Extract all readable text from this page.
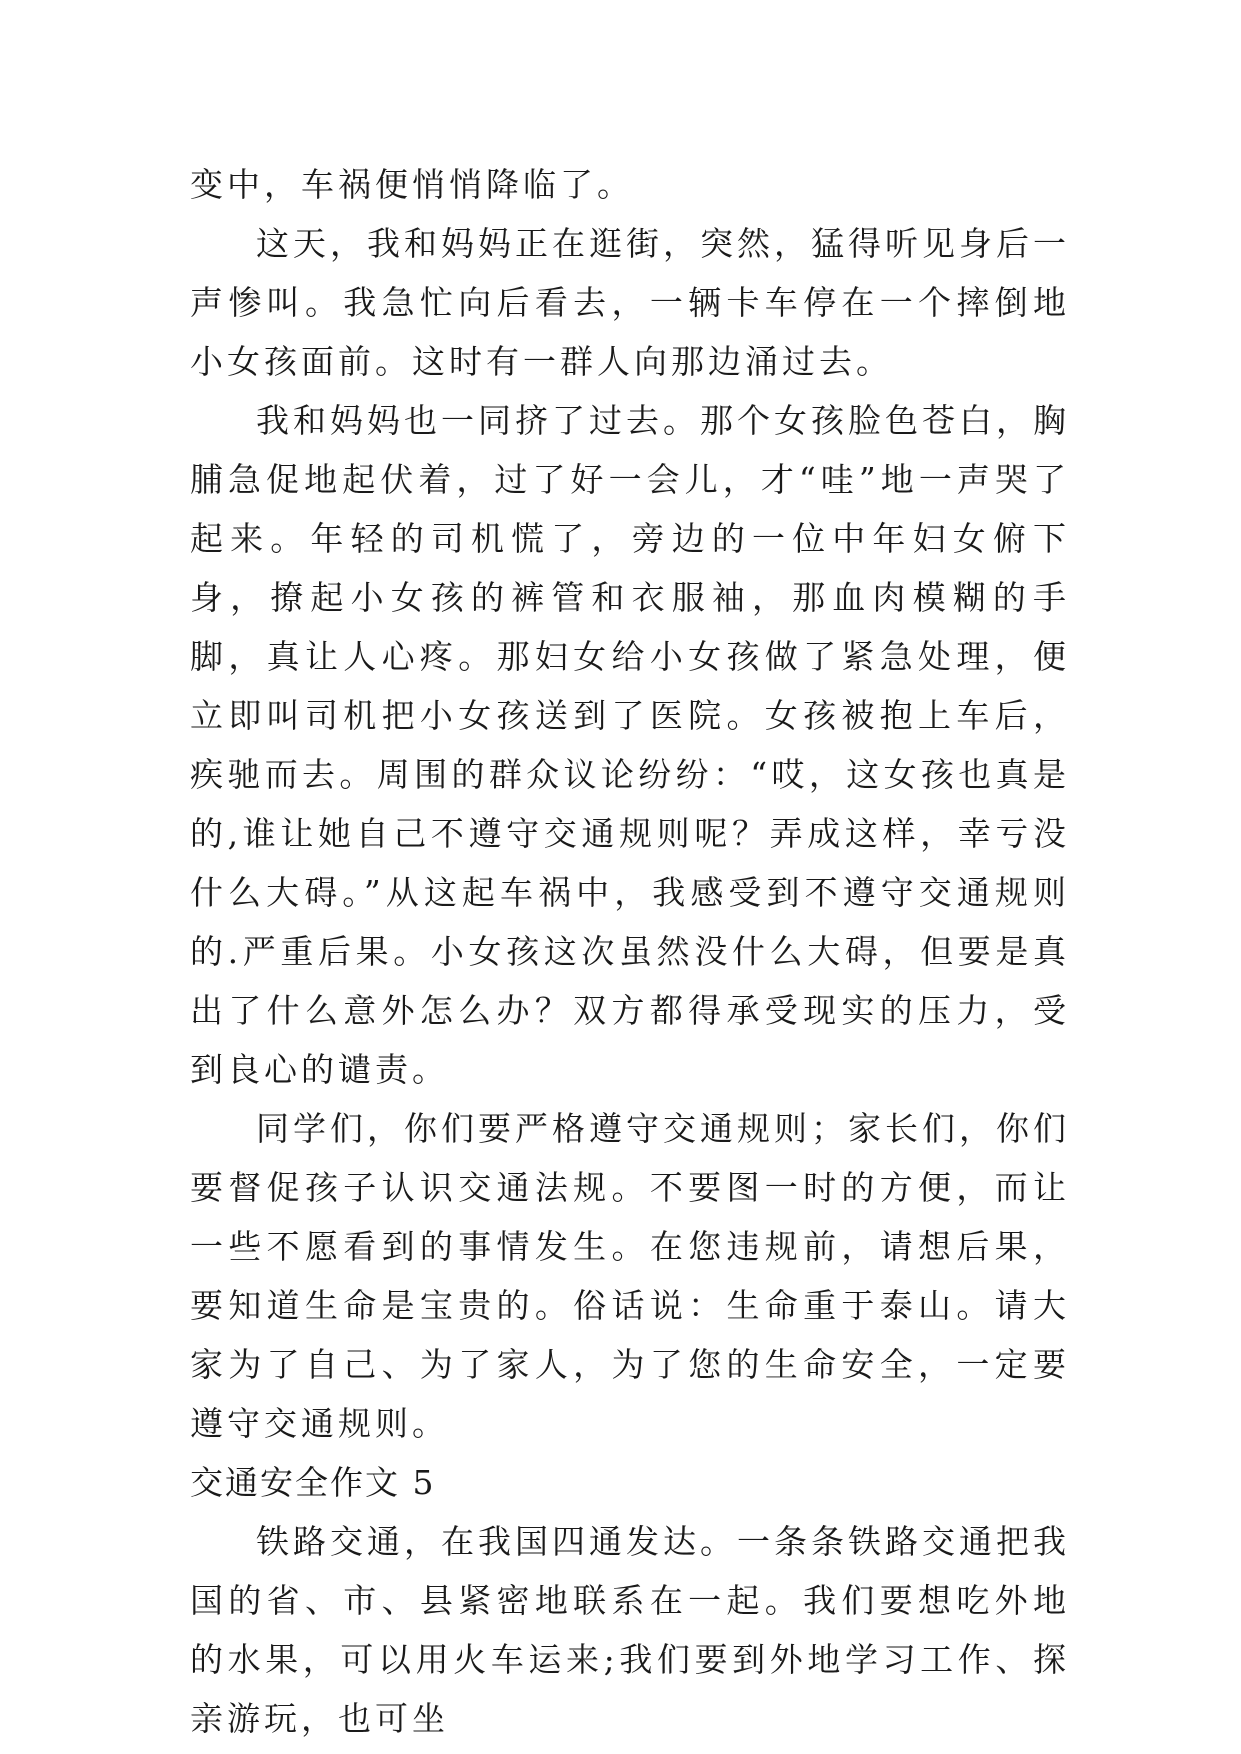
变中，车祸便悄悄降临了。

这天，我和妈妈正在逛街，突然，猛得听见身后一声惨叫。我急忙向后看去，一辆卡车停在一个摔倒地小女孩面前。这时有一群人向那边涌过去。

我和妈妈也一同挤了过去。那个女孩脸色苍白，胸脯急促地起伏着，过了好一会儿，才“哇”地一声哭了起来。年轻的司机慌了，旁边的一位中年妇女俯下身，撩起小女孩的裤管和衣服袖，那血肉模糊的手脚，真让人心疼。那妇女给小女孩做了紧急处理，便立即叫司机把小女孩送到了医院。女孩被抱上车后，疾驰而去。周围的群众议论纷纷：“哎，这女孩也真是的,谁让她自己不遵守交通规则呢？弄成这样，幸亏没什么大碍。”从这起车祸中，我感受到不遵守交通规则的.严重后果。小女孩这次虽然没什么大碍，但要是真出了什么意外怎么办？双方都得承受现实的压力，受到良心的谴责。

同学们，你们要严格遵守交通规则；家长们，你们要督促孩子认识交通法规。不要图一时的方便，而让一些不愿看到的事情发生。在您违规前，请想后果，要知道生命是宝贵的。俗话说：生命重于泰山。请大家为了自己、为了家人，为了您的生命安全，一定要遵守交通规则。

交通安全作文 5

铁路交通，在我国四通发达。一条条铁路交通把我国的省、市、县紧密地联系在一起。我们要想吃外地的水果，可以用火车运来;我们要到外地学习工作、探亲游玩，也可坐
